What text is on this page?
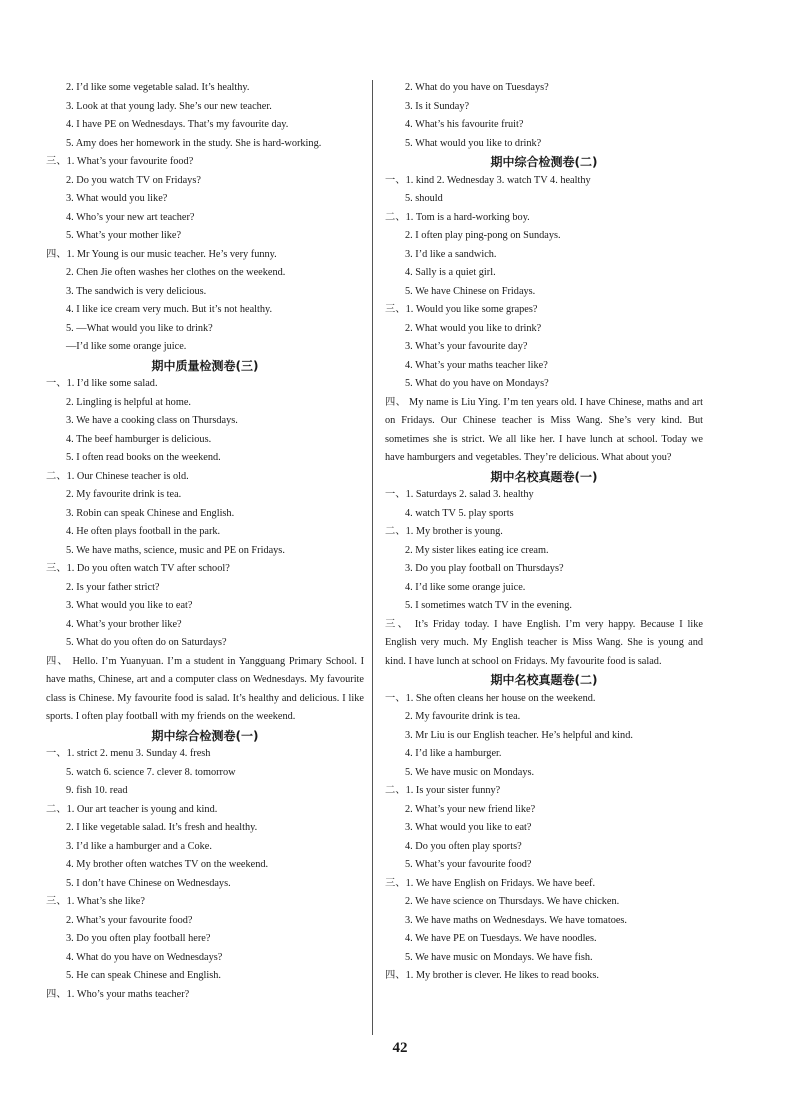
2. I’d like some vegetable salad. It’s healthy.
3. Look at that young lady. She’s our new teacher.
4. I have PE on Wednesdays. That’s my favourite day.
5. Amy does her homework in the study. She is hard-working.
三、1. What’s your favourite food?
2. Do you watch TV on Fridays?
3. What would you like?
4. Who’s your new art teacher?
5. What’s your mother like?
四、1. Mr Young is our music teacher. He’s very funny.
2. Chen Jie often washes her clothes on the weekend.
3. The sandwich is very delicious.
4. I like ice cream very much. But it’s not healthy.
5. —What would you like to drink?
—I’d like some orange juice.
期中质量检测卷(三)
一、1. I’d like some salad.
2. Lingling is helpful at home.
3. We have a cooking class on Thursdays.
4. The beef hamburger is delicious.
5. I often read books on the weekend.
二、1. Our Chinese teacher is old.
2. My favourite drink is tea.
3. Robin can speak Chinese and English.
4. He often plays football in the park.
5. We have maths, science, music and PE on Fridays.
三、1. Do you often watch TV after school?
2. Is your father strict?
3. What would you like to eat?
4. What’s your brother like?
5. What do you often do on Saturdays?
四、 Hello. I’m Yuanyuan. I’m a student in Yangguang Primary School. I have maths, Chinese, art and a computer class on Wednesdays. My favourite class is Chinese. My favourite food is salad. It’s healthy and delicious. I like sports. I often play football with my friends on the weekend.
期中综合检测卷(一)
一、1. strict 2. menu 3. Sunday 4. fresh
5. watch 6. science 7. clever 8. tomorrow
9. fish 10. read
二、1. Our art teacher is young and kind.
2. I like vegetable salad. It’s fresh and healthy.
3. I’d like a hamburger and a Coke.
4. My brother often watches TV on the weekend.
5. I don’t have Chinese on Wednesdays.
三、1. What’s she like?
2. What’s your favourite food?
3. Do you often play football here?
4. What do you have on Wednesdays?
5. He can speak Chinese and English.
四、1. Who’s your maths teacher?
2. What do you have on Tuesdays?
3. Is it Sunday?
4. What’s his favourite fruit?
5. What would you like to drink?
期中综合检测卷(二)
一、1. kind 2. Wednesday 3. watch TV 4. healthy
5. should
二、1. Tom is a hard-working boy.
2. I often play ping-pong on Sundays.
3. I’d like a sandwich.
4. Sally is a quiet girl.
5. We have Chinese on Fridays.
三、1. Would you like some grapes?
2. What would you like to drink?
3. What’s your favourite day?
4. What’s your maths teacher like?
5. What do you have on Mondays?
四、 My name is Liu Ying. I’m ten years old. I have Chinese, maths and art on Fridays. Our Chinese teacher is Miss Wang. She’s very kind. But sometimes she is strict. We all like her. I have lunch at school. Today we have hamburgers and vegetables. They’re delicious. What about you?
期中名校真题卷(一)
一、1. Saturdays 2. salad 3. healthy
4. watch TV 5. play sports
二、1. My brother is young.
2. My sister likes eating ice cream.
3. Do you play football on Thursdays?
4. I’d like some orange juice.
5. I sometimes watch TV in the evening.
三、 It’s Friday today. I have English. I’m very happy. Because I like English very much. My English teacher is Miss Wang. She is young and kind. I have lunch at school on Fridays. My favourite food is salad.
期中名校真题卷(二)
一、1. She often cleans her house on the weekend.
2. My favourite drink is tea.
3. Mr Liu is our English teacher. He’s helpful and kind.
4. I’d like a hamburger.
5. We have music on Mondays.
二、1. Is your sister funny?
2. What’s your new friend like?
3. What would you like to eat?
4. Do you often play sports?
5. What’s your favourite food?
三、1. We have English on Fridays. We have beef.
2. We have science on Thursdays. We have chicken.
3. We have maths on Wednesdays. We have tomatoes.
4. We have PE on Tuesdays. We have noodles.
5. We have music on Mondays. We have fish.
四、1. My brother is clever. He likes to read books.
42
